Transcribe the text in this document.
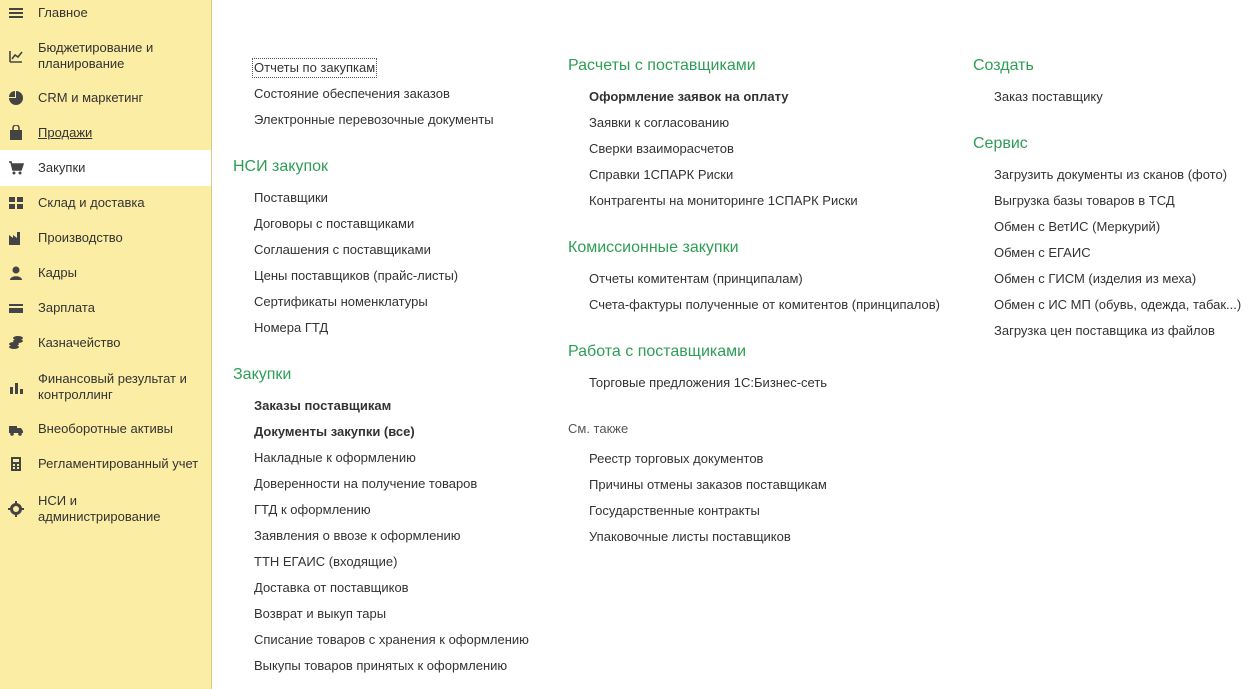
Главное
Бюджетирование и
планирование
CRM и маркетинг
Продажи
Закупки
Склад и доставка
Производство
Кадры
Зарплата
Казначейство
Финансовый результат и
контроллинг
Внеоборотные активы
Регламентированный учет
НСИ и
администрирование
Отчеты по закупкам
Состояние обеспечения заказов
Электронные перевозочные документы
НСИ закупок
Поставщики
Договоры с поставщиками
Соглашения с поставщиками
Цены поставщиков (прайс-листы)
Сертификаты номенклатуры
Номера ГТД
Закупки
Заказы поставщикам
Документы закупки (все)
Накладные к оформлению
Доверенности на получение товаров
ГТД к оформлению
Заявления о ввозе к оформлению
ТТН ЕГАИС (входящие)
Доставка от поставщиков
Возврат и выкуп тары
Списание товаров с хранения к оформлению
Выкупы товаров принятых к оформлению
Расчеты с поставщиками
Оформление заявок на оплату
Заявки к согласованию
Сверки взаиморасчетов
Справки 1СПАРК Риски
Контрагенты на мониторинге 1СПАРК Риски
Комиссионные закупки
Отчеты комитентам (принципалам)
Счета-фактуры полученные от комитентов (принципалов)
Работа с поставщиками
Торговые предложения 1С:Бизнес-сеть
См. также
Реестр торговых документов
Причины отмены заказов поставщикам
Государственные контракты
Упаковочные листы поставщиков
Создать
Заказ поставщику
Сервис
Загрузить документы из сканов (фото)
Выгрузка базы товаров в ТСД
Обмен с ВетИС (Меркурий)
Обмен с ЕГАИС
Обмен с ГИСМ (изделия из меха)
Обмен с ИС МП (обувь, одежда, табак...)
Загрузка цен поставщика из файлов
